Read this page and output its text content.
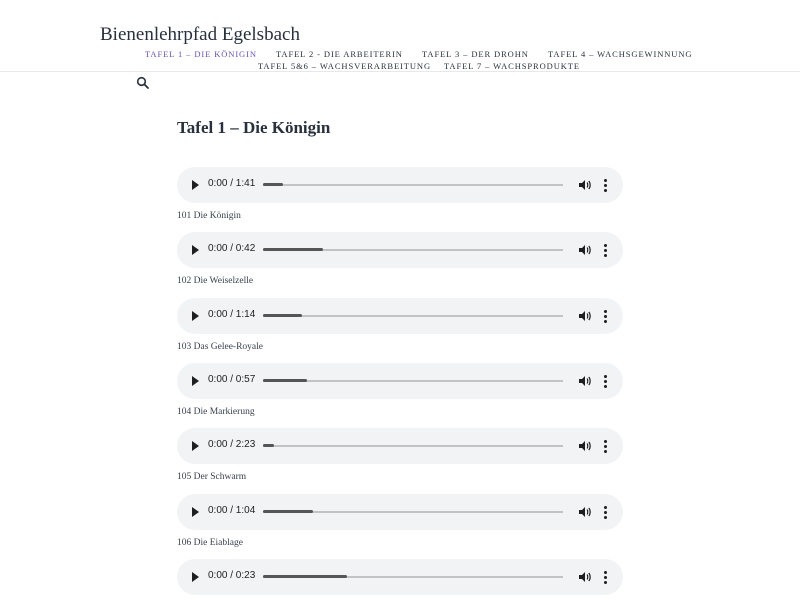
Bienenlehrpfad Egelsbach
TAFEL 1 – DIE KÖNIGIN TAFEL 2 - DIE ARBEITERIN TAFEL 3 – DER DROHN TAFEL 4 – WACHSGEWINNUNG
TAFEL 5&6 – WACHSVERARBEITUNG TAFEL 7 – WACHSPRODUKTE
Tafel 1 – Die Königin
0:00 / 1:41
101 Die Königin
0:00 / 0:42
102 Die Weiselzelle
0:00 / 1:14
103 Das Gelee-Royale
0:00 / 0:57
104 Die Markierung
0:00 / 2:23
105 Der Schwarm
0:00 / 1:04
106 Die Eiablage
0:00 / 0:23
